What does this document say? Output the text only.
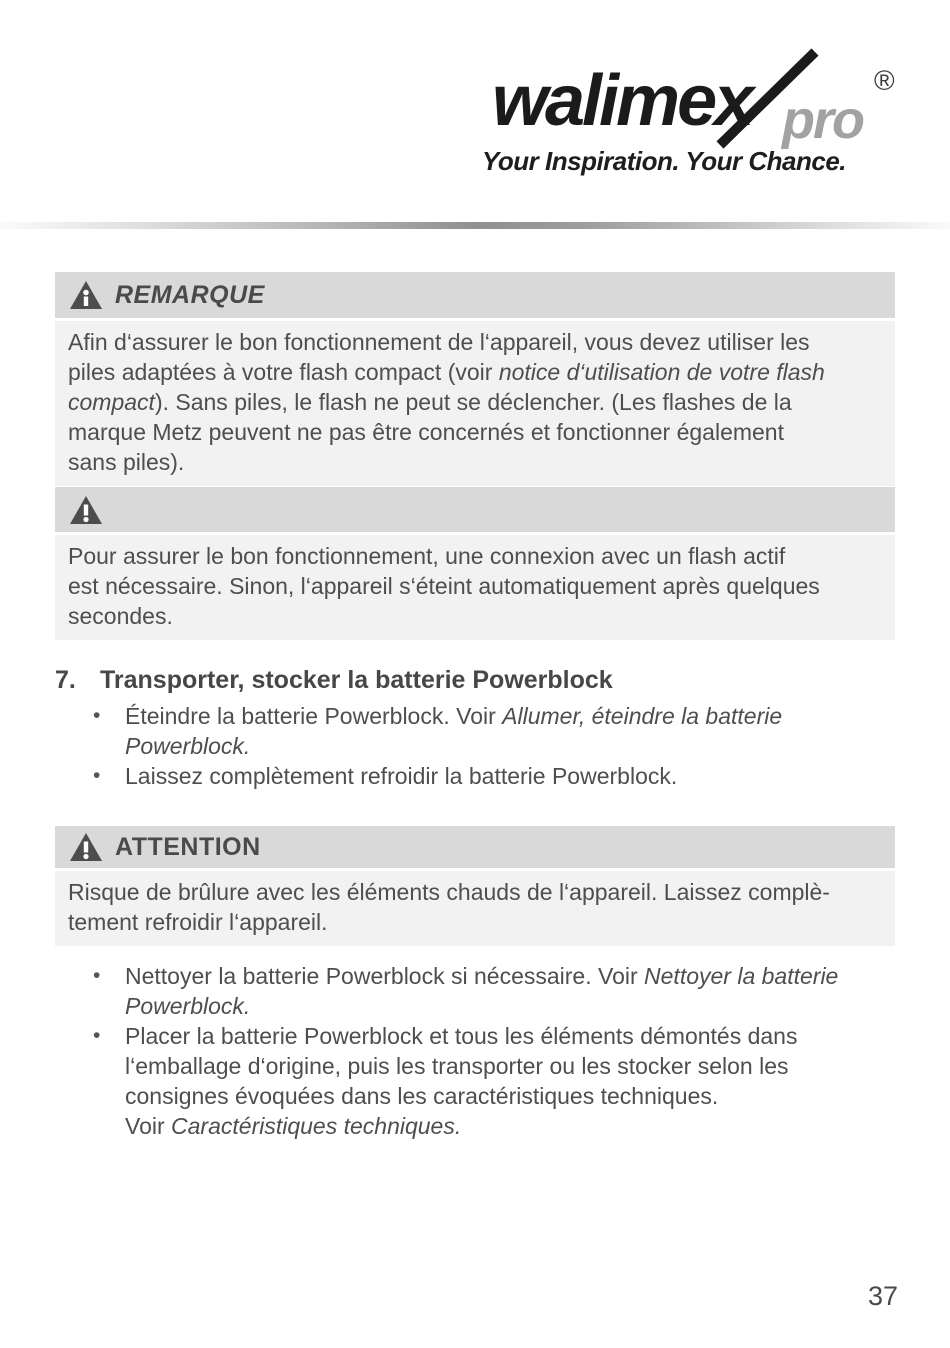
walimex pro
®
Your Inspiration. Your Chance.
REMARQUE
Afin d‘assurer le bon fonctionnement de l‘appareil, vous devez utiliser les
piles adaptées à votre flash compact (voir notice d‘utilisation de votre flash
compact). Sans piles, le flash ne peut se déclencher. (Les flashes de la
marque Metz peuvent ne pas être concernés et fonctionner également
sans piles).
Pour assurer le bon fonctionnement, une connexion avec un flash actif
est nécessaire. Sinon, l‘appareil s‘éteint automatiquement après quelques
secondes.
7. Transporter, stocker la batterie Powerblock
•	Éteindre la batterie Powerblock. Voir Allumer, éteindre la batterie
Powerblock.
•	Laissez complètement refroidir la batterie Powerblock.
ATTENTION
Risque de brûlure avec les éléments chauds de l‘appareil. Laissez complè-
tement refroidir l‘appareil.
•	Nettoyer la batterie Powerblock si nécessaire. Voir Nettoyer la batterie
Powerblock.
•	Placer la batterie Powerblock et tous les éléments démontés dans
l‘emballage d‘origine, puis les transporter ou les stocker selon les
consignes évoquées dans les caractéristiques techniques.
Voir Caractéristiques techniques.
37
